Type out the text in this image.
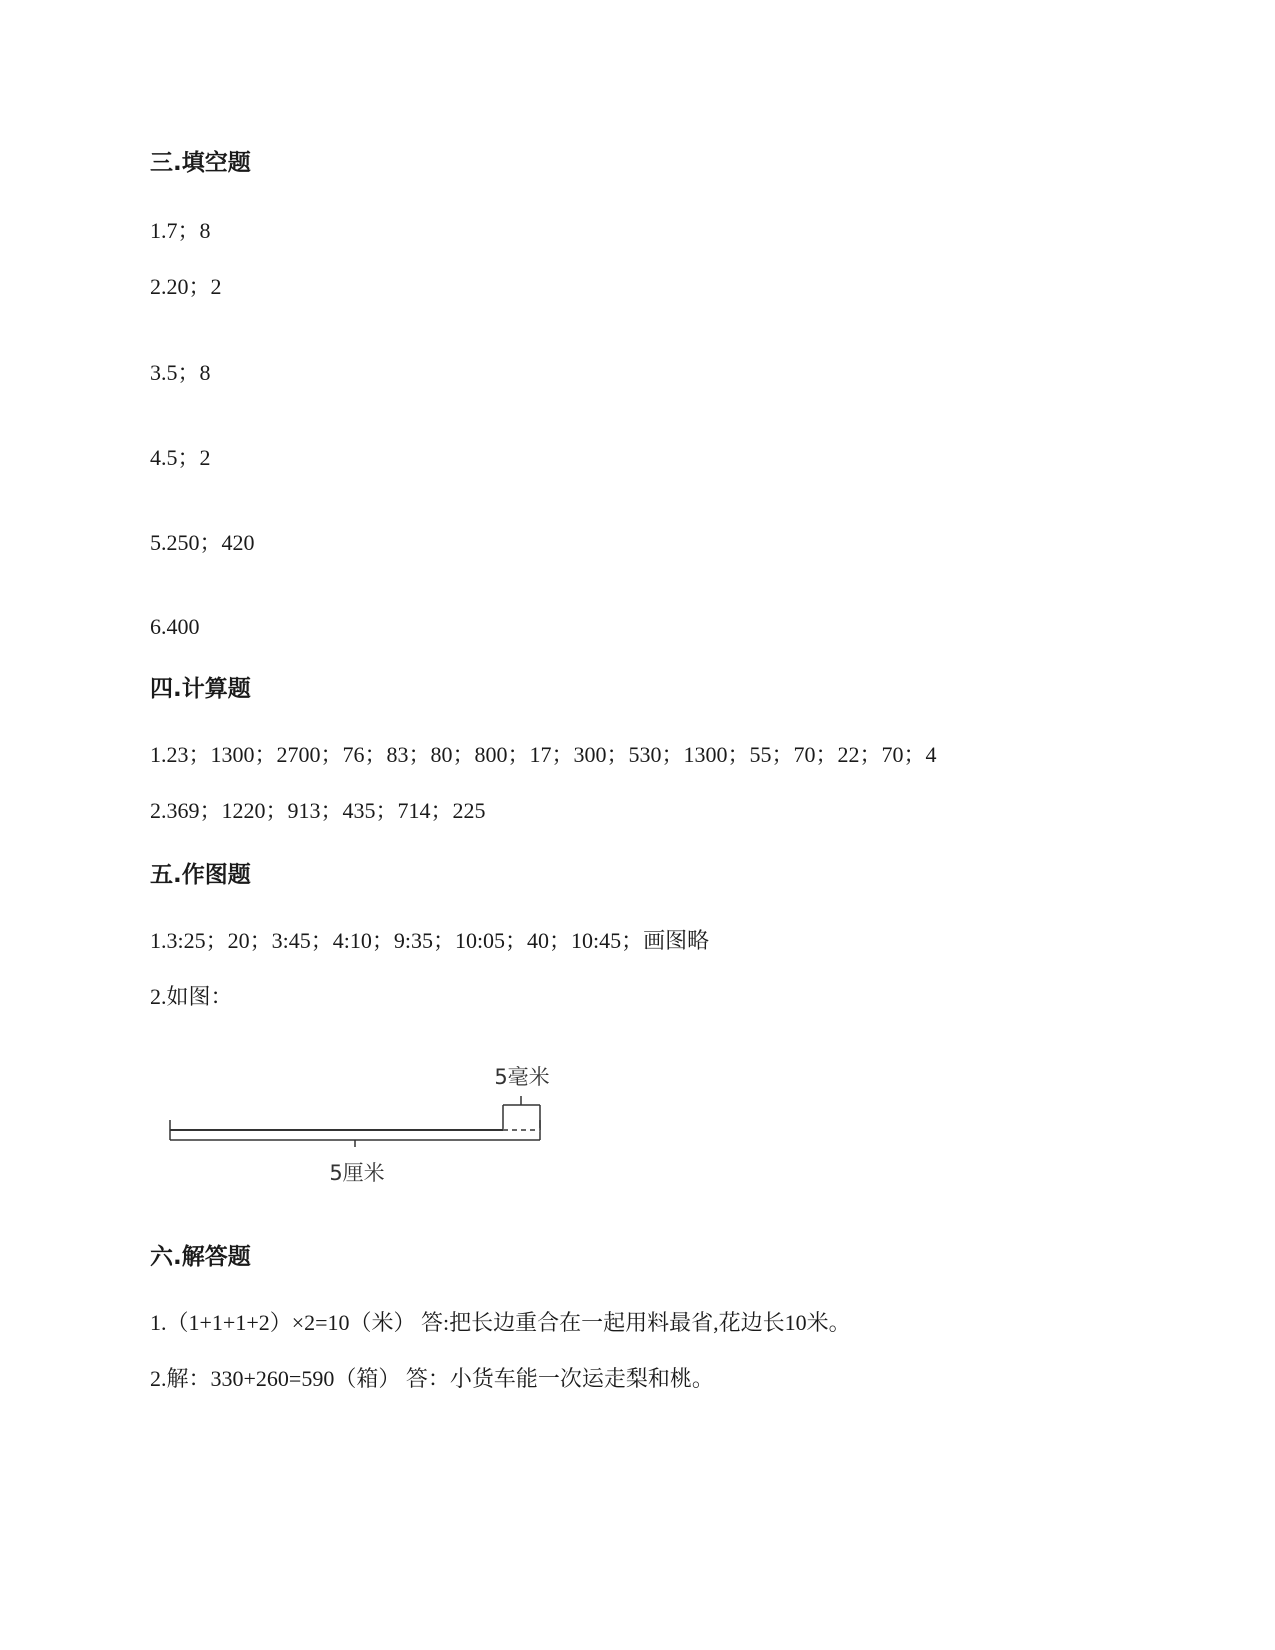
三.填空题
1.7；8
2.20；2
3.5；8
4.5；2
5.250；420
6.400
四.计算题
1.23；1300；2700；76；83；80；800；17；300；530；1300；55；70；22；70；4
2.369；1220；913；435；714；225
五.作图题
1.3:25；20；3:45；4:10；9:35；10:05；40；10:45；画图略
2.如图：
5毫米
5厘米
六.解答题
1.（1+1+1+2）×2=10（米） 答:把长边重合在一起用料最省,花边长10米。
2.解：330+260=590（箱） 答：小货车能一次运走梨和桃。
